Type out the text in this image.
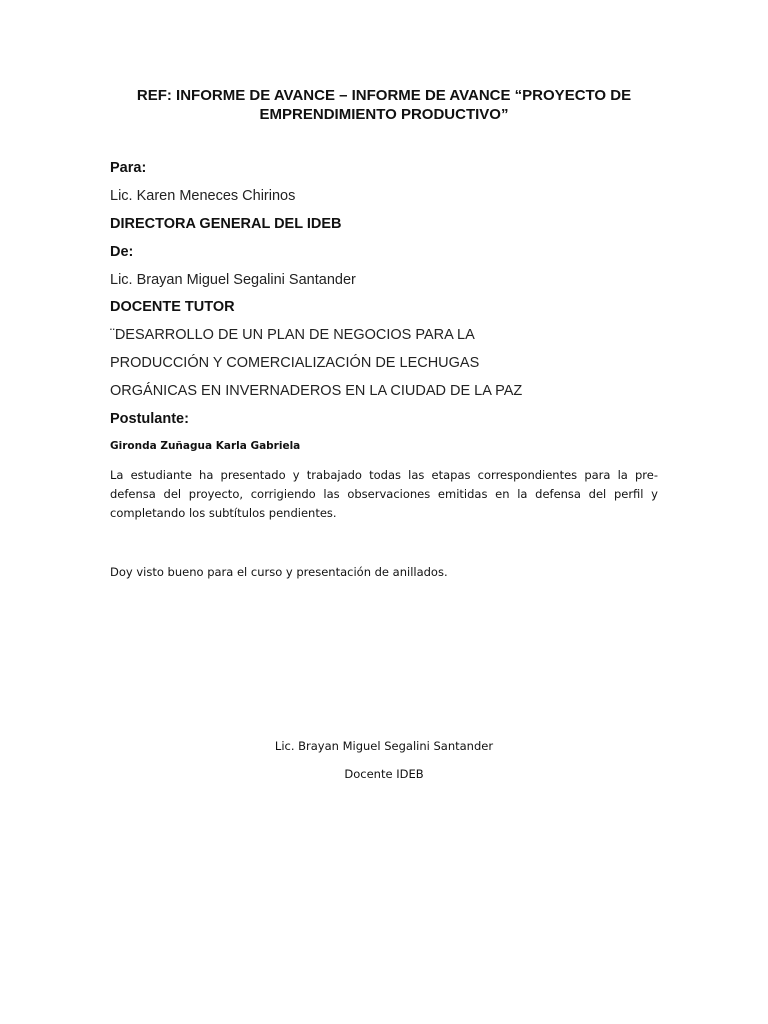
REF: INFORME DE AVANCE – INFORME DE AVANCE “PROYECTO DE EMPRENDIMIENTO PRODUCTIVO”

Para:
Lic. Karen Meneces Chirinos
DIRECTORA GENERAL DEL IDEB
De:
Lic. Brayan Miguel Segalini Santander
DOCENTE TUTOR
¨DESARROLLO DE UN PLAN DE NEGOCIOS PARA LA
PRODUCCIÓN Y COMERCIALIZACIÓN DE LECHUGAS
ORGÁNICAS EN INVERNADEROS EN LA CIUDAD DE LA PAZ
Postulante:
Gironda Zuñagua Karla Gabriela

La estudiante ha presentado y trabajado todas las etapas correspondientes para la pre-defensa del proyecto, corrigiendo las observaciones emitidas en la defensa del perfil y completando los subtítulos pendientes.

Doy visto bueno para el curso y presentación de anillados.

Lic. Brayan Miguel Segalini Santander
Docente IDEB
